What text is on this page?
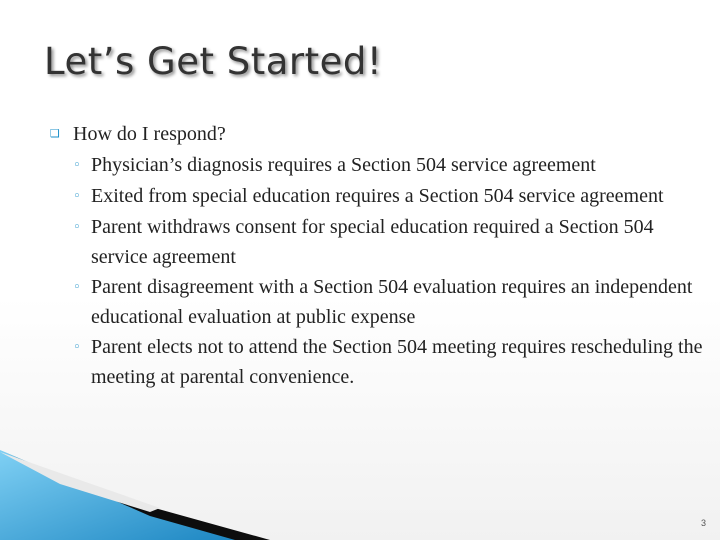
Let’s Get Started!
❑ How do I respond?
◦ Physician’s diagnosis requires a Section 504 service agreement
◦ Exited from special education requires a Section 504 service agreement
◦ Parent withdraws consent for special education required a Section 504 service agreement
◦ Parent disagreement with a Section 504 evaluation requires an independent educational evaluation at public expense
◦ Parent elects not to attend the Section 504 meeting requires rescheduling the meeting at parental convenience.
3
